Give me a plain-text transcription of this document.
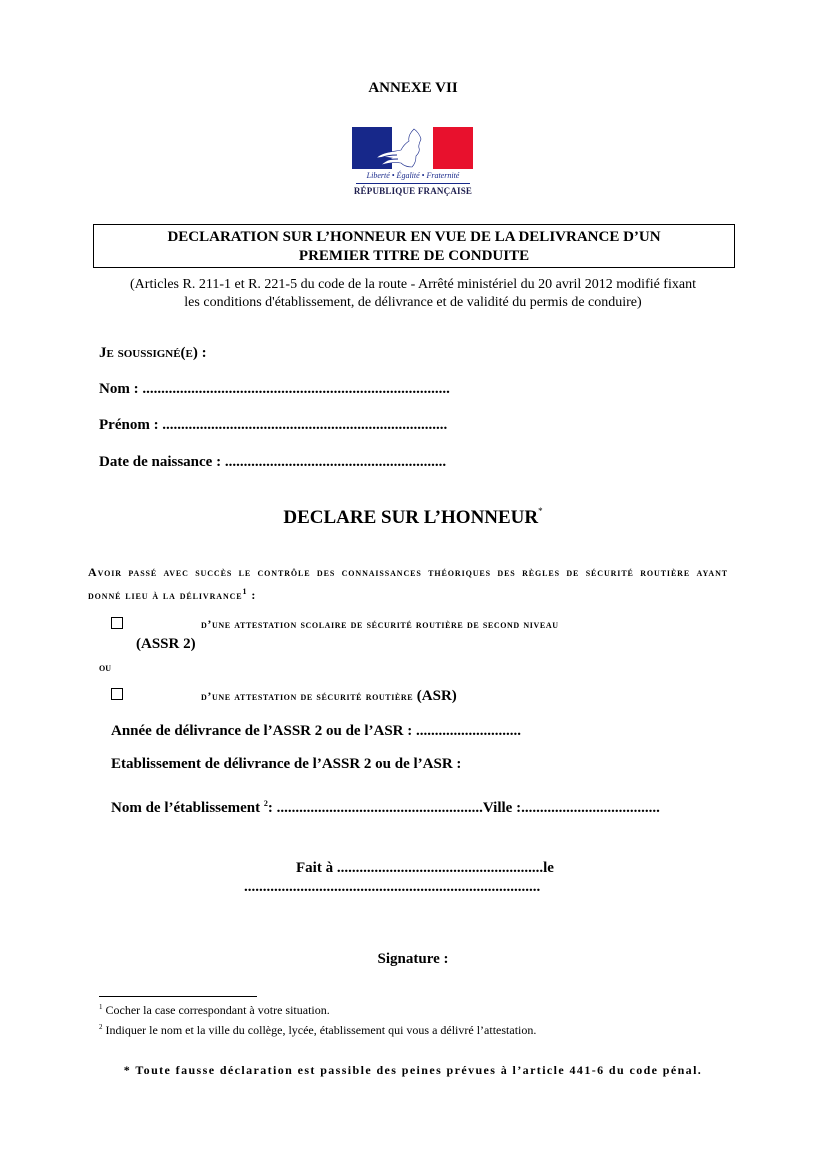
ANNEXE VII
Liberté • Égalité • Fraternité
RÉPUBLIQUE FRANÇAISE
DECLARATION SUR L’HONNEUR EN VUE DE LA DELIVRANCE D’UN
PREMIER TITRE DE CONDUITE
(Articles R. 211-1 et R. 221-5 du code de la route - Arrêté ministériel du 20 avril 2012 modifié fixant
les conditions d'établissement, de délivrance et de validité du permis de conduire)
Je soussigné(e) :
Nom : ..................................................................................
Prénom : ............................................................................
Date de naissance : ...........................................................
DECLARE SUR L’HONNEUR*
Avoir passé avec succès le contrôle des connaissances théoriques des règles de sécurité routière ayant donné lieu à la délivrance$^1$ :
d’une attestation scolaire de sécurité routière de second niveau
(ASSR 2)
ou
d’une attestation de sécurité routière (ASR)
Année de délivrance de l’ASSR 2 ou de l’ASR : ............................
Etablissement de délivrance de l’ASSR 2 ou de l’ASR :
Nom de l’établissement $^2$: .......................................................Ville :.....................................
Fait à .......................................................le
...............................................................................
Signature :
$^1$ Cocher la case correspondant à votre situation.
$^2$ Indiquer le nom et la ville du collège, lycée, établissement qui vous a délivré l’attestation.
* Toute fausse déclaration est passible des peines prévues à l’article 441-6 du code pénal.
